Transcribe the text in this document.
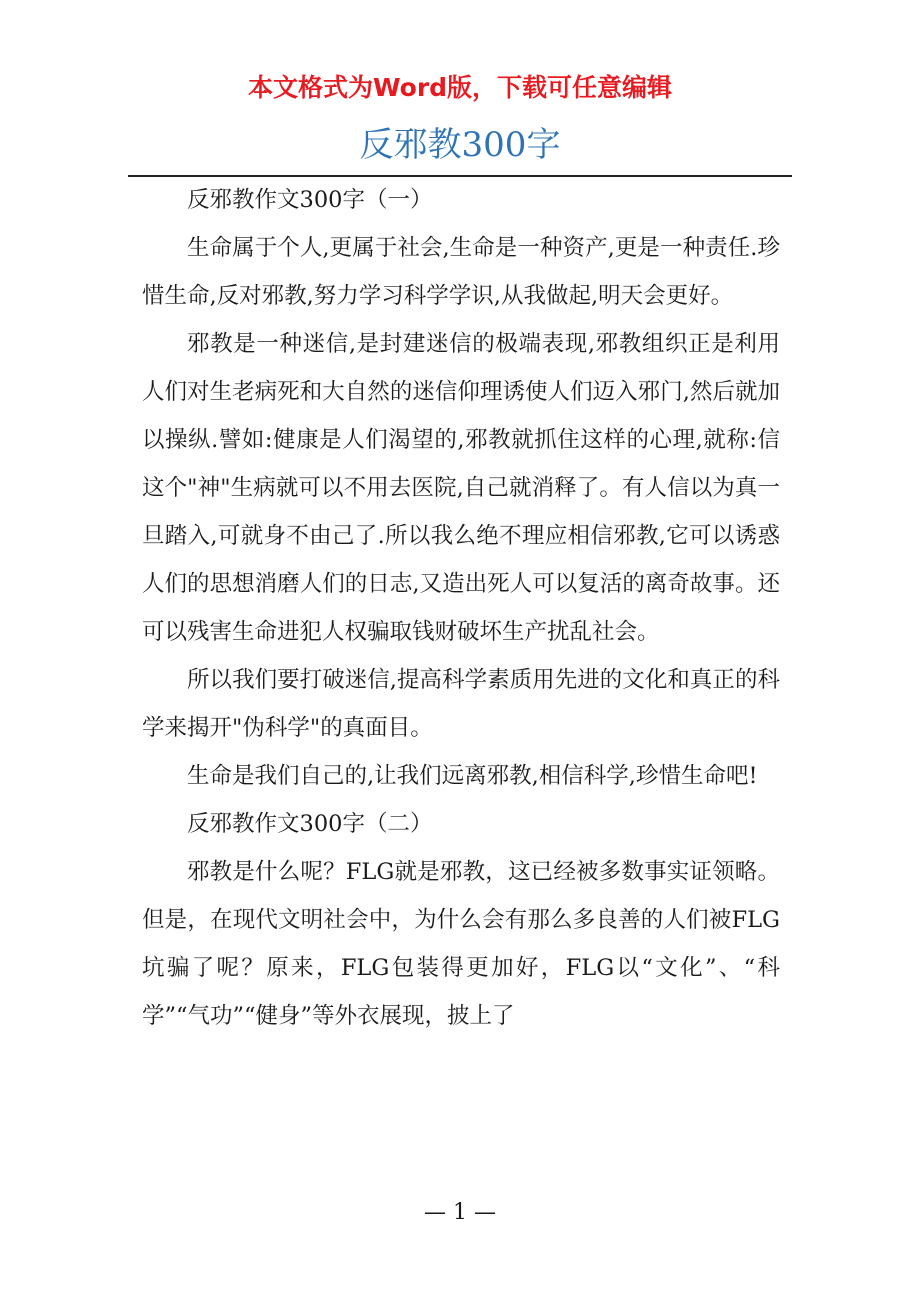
本文格式为Word版，下载可任意编辑
反邪教300字

反邪教作文300字（一）

生命属于个人,更属于社会,生命是一种资产,更是一种责任.珍惜生命,反对邪教,努力学习科学学识,从我做起,明天会更好。

邪教是一种迷信,是封建迷信的极端表现,邪教组织正是利用人们对生老病死和大自然的迷信仰理诱使人们迈入邪门,然后就加以操纵.譬如:健康是人们渴望的,邪教就抓住这样的心理,就称:信这个"神"生病就可以不用去医院,自己就消释了。有人信以为真一旦踏入,可就身不由己了.所以我么绝不理应相信邪教,它可以诱惑人们的思想消磨人们的日志,又造出死人可以复活的离奇故事。还可以残害生命进犯人权骗取钱财破坏生产扰乱社会。

所以我们要打破迷信,提高科学素质用先进的文化和真正的科学来揭开"伪科学"的真面目。

生命是我们自己的,让我们远离邪教,相信科学,珍惜生命吧!

反邪教作文300字（二）

邪教是什么呢？FLG就是邪教，这已经被多数事实证领略。但是，在现代文明社会中，为什么会有那么多良善的人们被FLG坑骗了呢？原来，FLG包装得更加好，FLG以“文化”、“科学”“气功”“健身”等外衣展现，披上了

— 1 —
